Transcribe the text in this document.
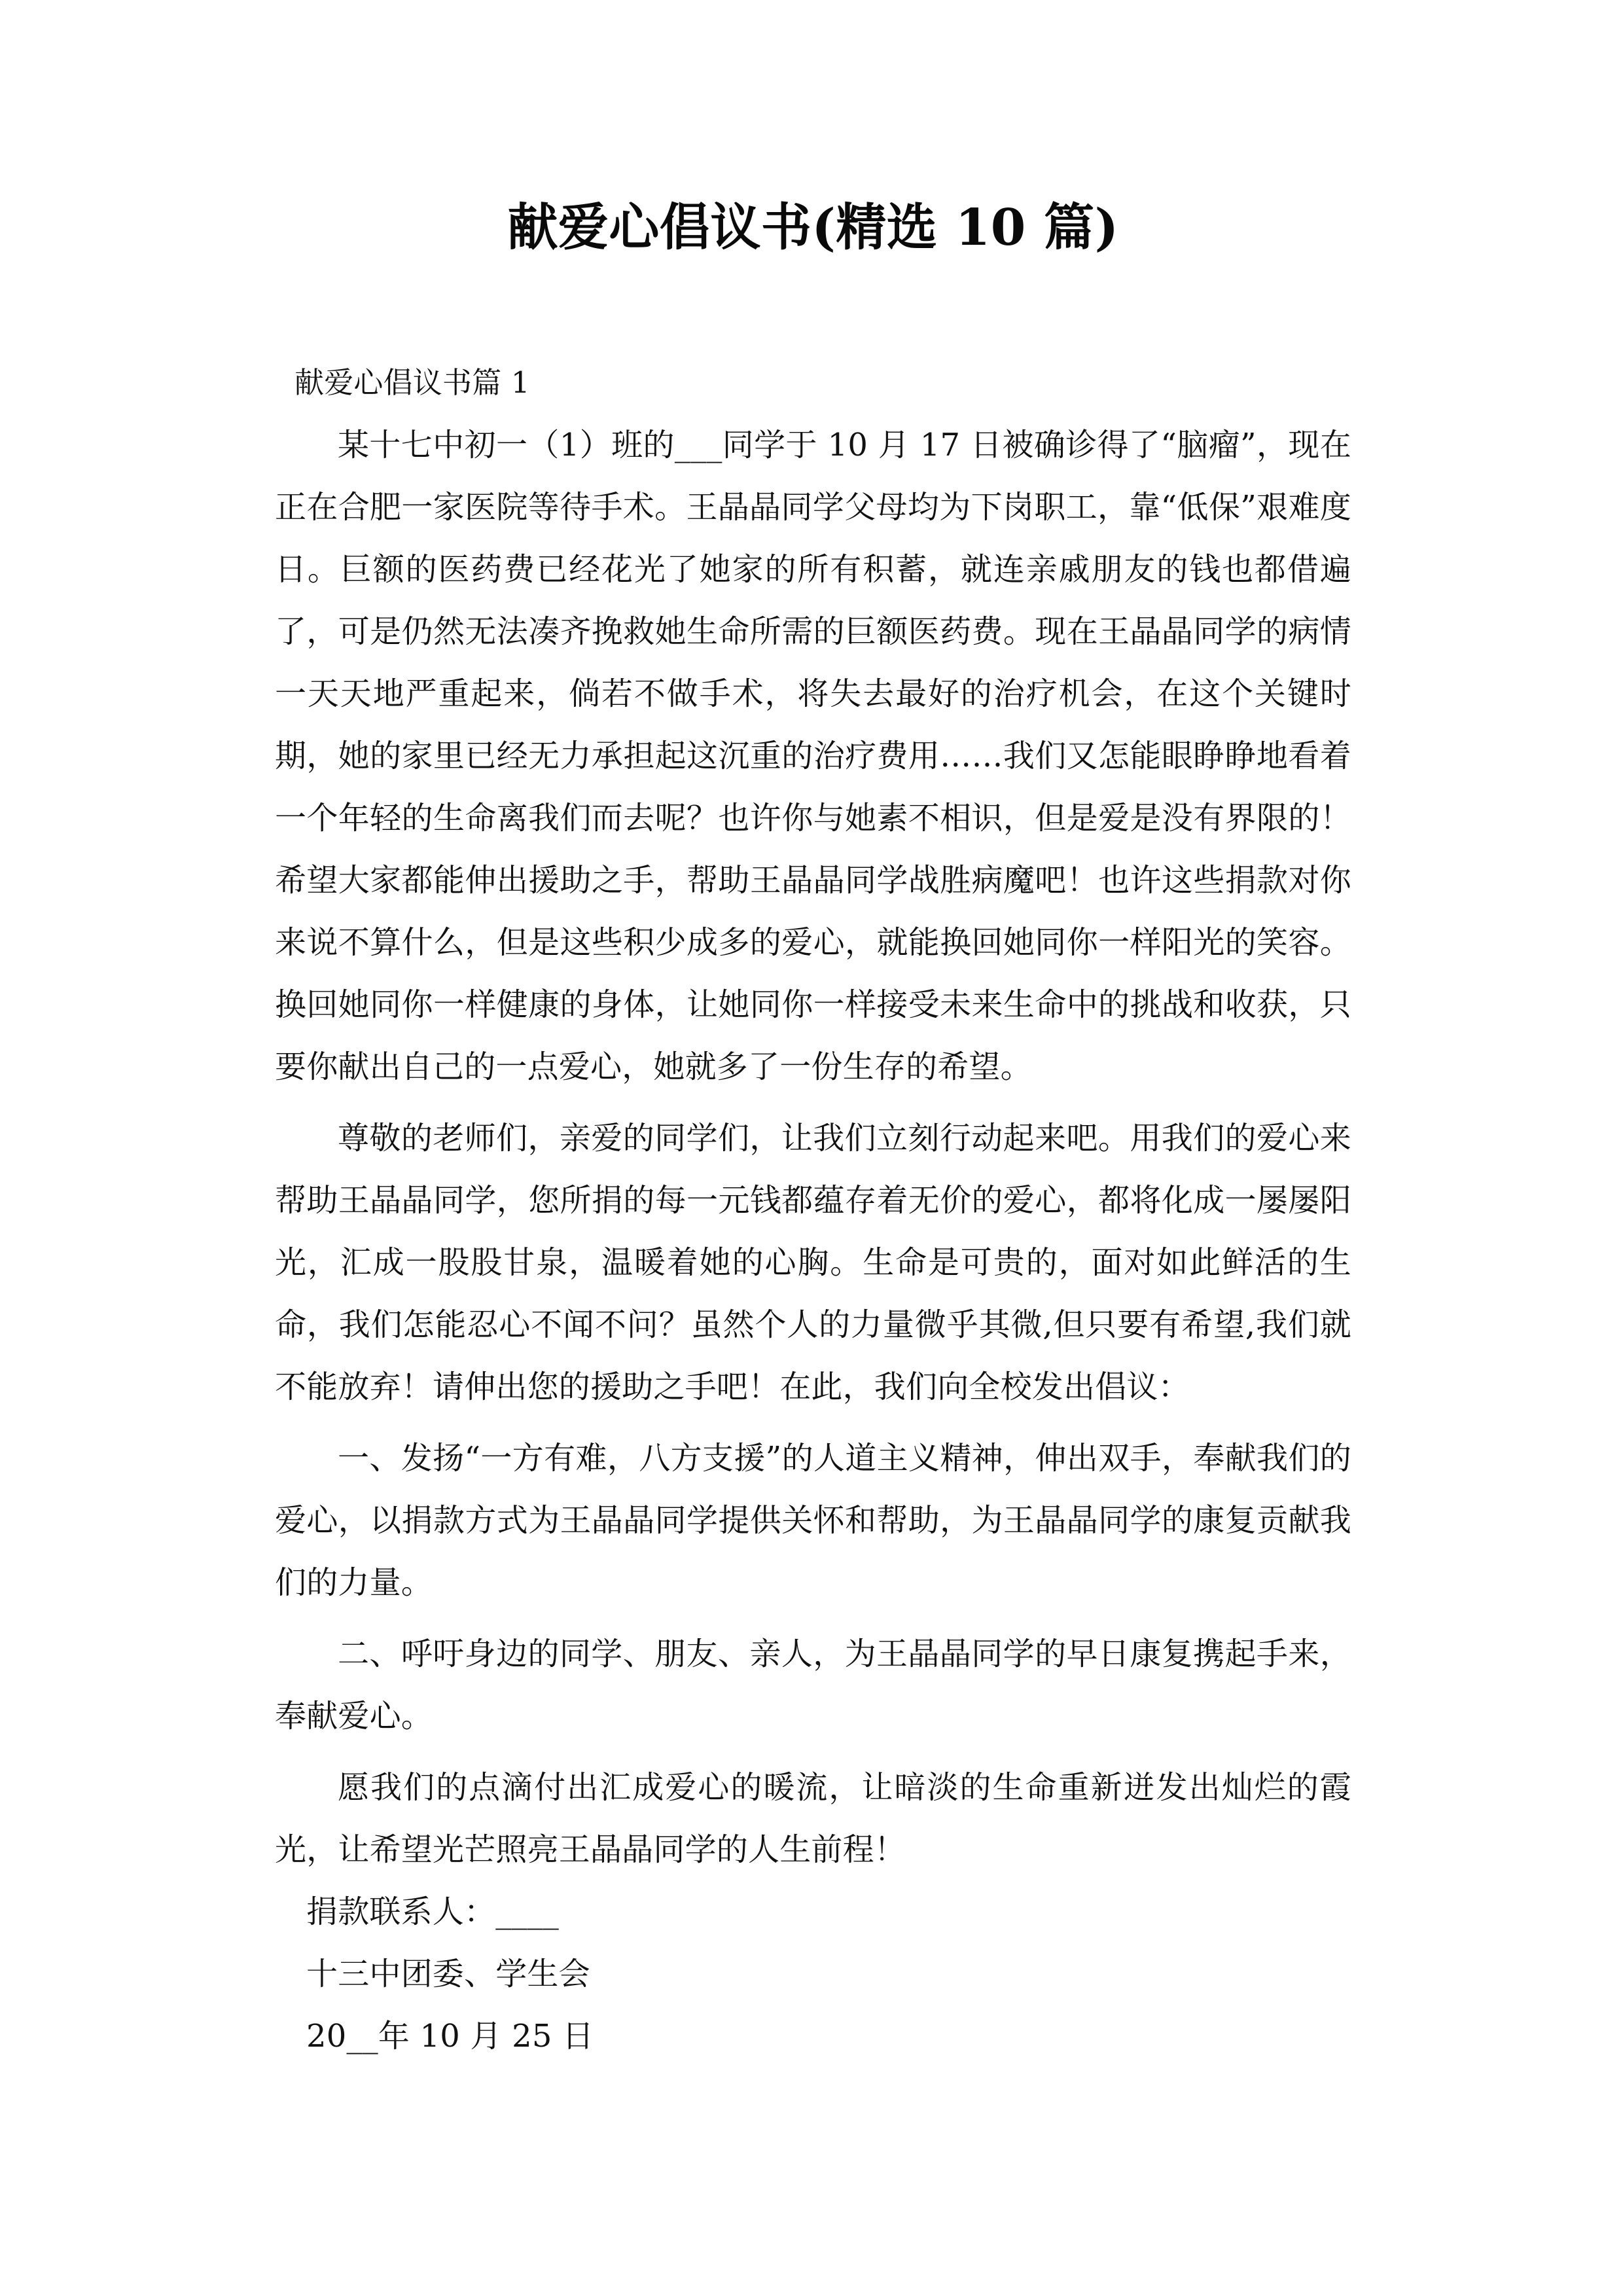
献爱心倡议书(精选 10 篇)

献爱心倡议书篇 1

某十七中初一（1）班的___同学于 10 月 17 日被确诊得了“脑瘤”，现在正在合肥一家医院等待手术。王晶晶同学父母均为下岗职工，靠“低保”艰难度日。巨额的医药费已经花光了她家的所有积蓄，就连亲戚朋友的钱也都借遍了，可是仍然无法凑齐挽救她生命所需的巨额医药费。现在王晶晶同学的病情一天天地严重起来，倘若不做手术，将失去最好的治疗机会，在这个关键时期，她的家里已经无力承担起这沉重的治疗费用……我们又怎能眼睁睁地看着一个年轻的生命离我们而去呢？也许你与她素不相识，但是爱是没有界限的！希望大家都能伸出援助之手，帮助王晶晶同学战胜病魔吧！也许这些捐款对你来说不算什么，但是这些积少成多的爱心，就能换回她同你一样阳光的笑容。换回她同你一样健康的身体，让她同你一样接受未来生命中的挑战和收获，只要你献出自己的一点爱心，她就多了一份生存的希望。

尊敬的老师们，亲爱的同学们，让我们立刻行动起来吧。用我们的爱心来帮助王晶晶同学，您所捐的每一元钱都蕴存着无价的爱心，都将化成一屡屡阳光，汇成一股股甘泉，温暖着她的心胸。生命是可贵的，面对如此鲜活的生命，我们怎能忍心不闻不问？虽然个人的力量微乎其微,但只要有希望,我们就不能放弃！请伸出您的援助之手吧！在此，我们向全校发出倡议：

一、发扬“一方有难，八方支援”的人道主义精神，伸出双手，奉献我们的爱心，以捐款方式为王晶晶同学提供关怀和帮助，为王晶晶同学的康复贡献我们的力量。

二、呼吁身边的同学、朋友、亲人，为王晶晶同学的早日康复携起手来，奉献爱心。

愿我们的点滴付出汇成爱心的暖流，让暗淡的生命重新迸发出灿烂的霞光，让希望光芒照亮王晶晶同学的人生前程！

捐款联系人：____

十三中团委、学生会

20__年 10 月 25 日
